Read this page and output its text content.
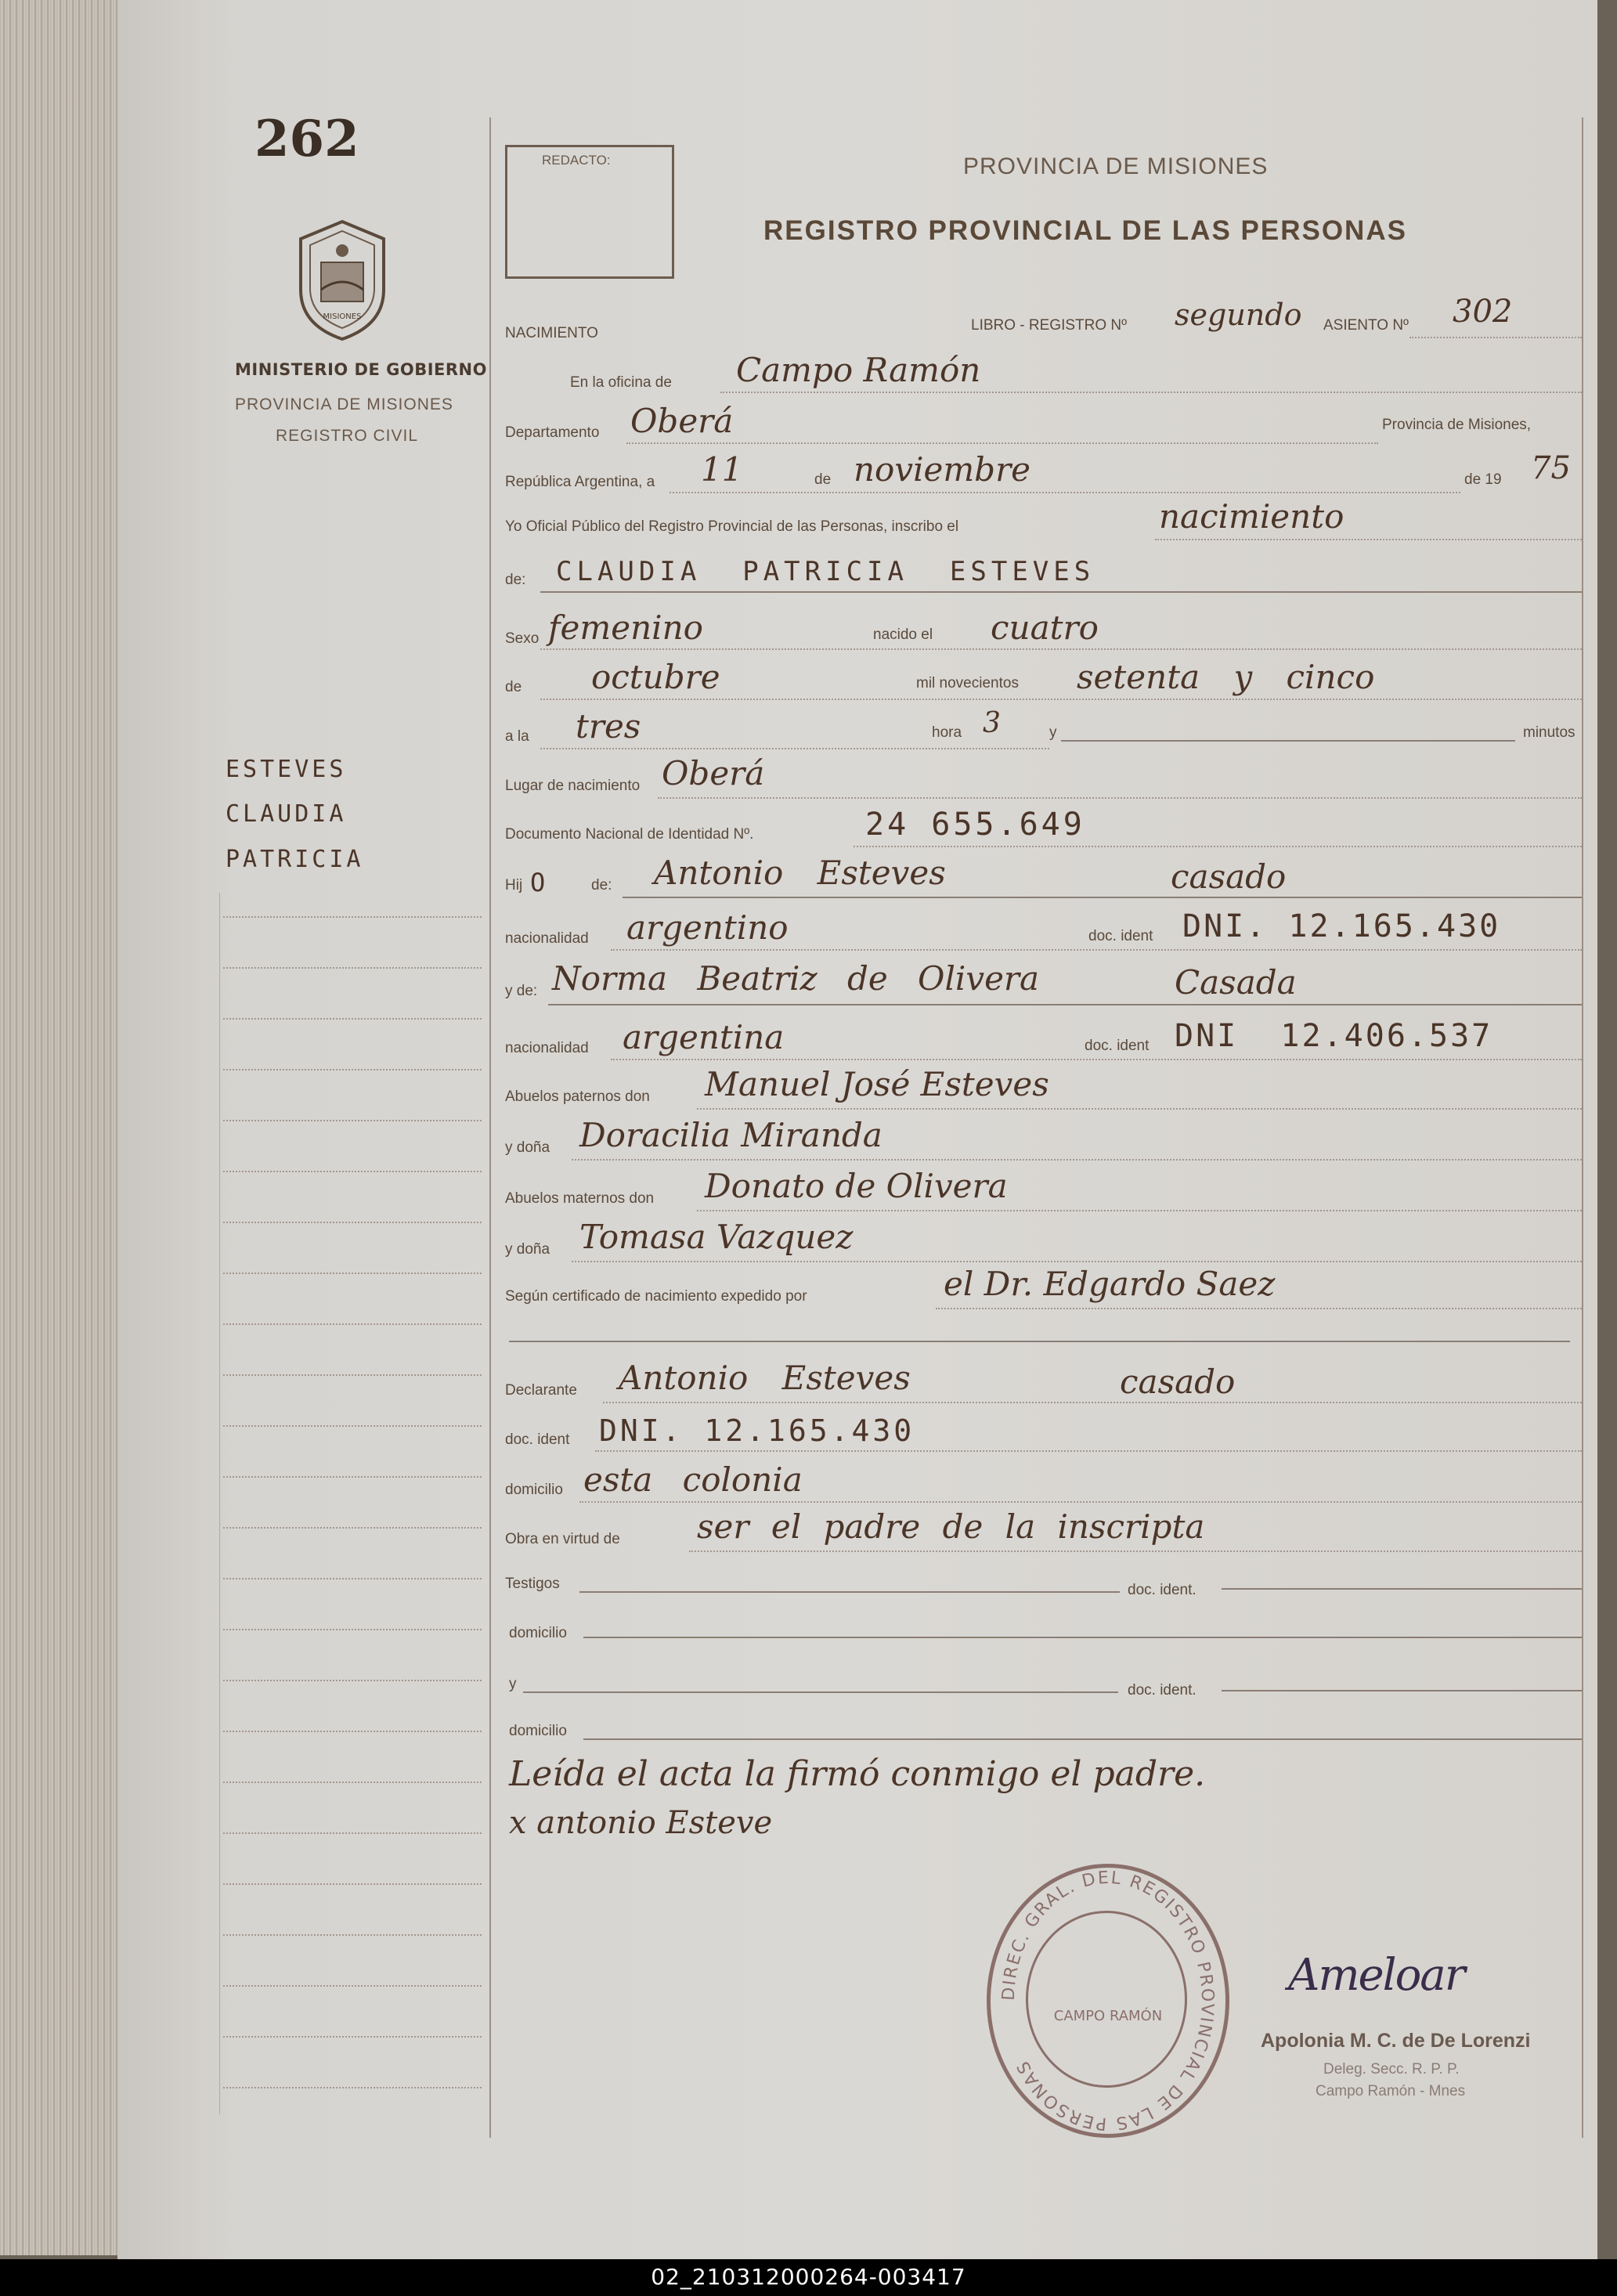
262
MISIONES
MINISTERIO DE GOBIERNO
PROVINCIA DE MISIONES
REGISTRO CIVIL
ESTEVES
CLAUDIA
PATRICIA
REDACTO:	PROVINCIA DE MISIONES
REGISTRO PROVINCIAL DE LAS PERSONAS
NACIMIENTO	LIBRO - REGISTRO Nº segundo ASIENTO Nº 302
En la oficina de Campo Ramón
Departamento Oberá	Provincia de Misiones,
República Argentina, a 11	de noviembre	de 19 75
Yo Oficial Público del Registro Provincial de las Personas, inscribo el	nacimiento
de: CLAUDIA  PATRICIA  ESTEVES
Sexo femenino	nacido el cuatro
de octubre	mil novecientos setenta y cinco
a la tres	hora 3	y	minutos
Lugar de nacimiento Oberá
Documento Nacional de Identidad Nº.	24 655.649
Hij O	de: Antonio Esteves	casado
nacionalidad argentino	doc. ident DNI. 12.165.430
y de: Norma Beatriz de Olivera	Casada
nacionalidad argentina	doc. ident DNI  12.406.537
Abuelos paternos don Manuel José Esteves
y doña Doracilia Miranda
Abuelos maternos don Donato de Olivera
y doña Tomasa Vazquez
Según certificado de nacimiento expedido por	el Dr. Edgardo Saez
Declarante Antonio Esteves	casado
doc. ident DNI. 12.165.430
domicilio esta colonia
Obra en virtud de ser el padre de la inscripta
Testigos	doc. ident.
domicilio
y	doc. ident.
domicilio
Leída el acta la firmó conmigo el padre.
x antonio Esteve
DIREC. GRAL. DEL REGISTRO PROVINCIAL DE LAS PERSONAS
CAMPO RAMÓN
Ameloar
Apolonia M. C. de De Lorenzi
Deleg. Secc. R. P. P.
Campo Ramón - Mnes
02_210312000264-003417
